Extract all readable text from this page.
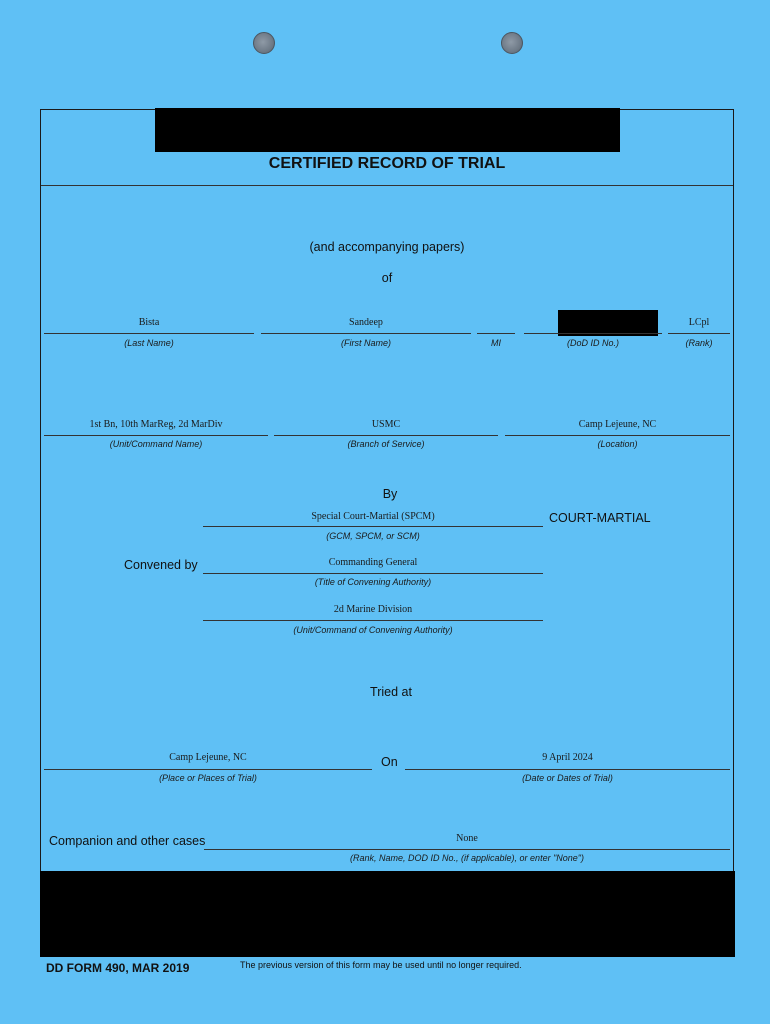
CERTIFIED RECORD OF TRIAL
(and accompanying papers)
of
Bista
(Last Name)
Sandeep
(First Name)	MI	(DoD ID No.)
LCpl
(Rank)
1st Bn, 10th MarReg, 2d MarDiv
(Unit/Command Name)
USMC
(Branch of Service)
Camp Lejeune, NC
(Location)
By
Special Court-Martial (SPCM)
(GCM, SPCM, or SCM)
COURT-MARTIAL
Convened by	Commanding General
(Title of Convening Authority)
2d Marine Division
(Unit/Command of Convening Authority)
Tried at
Camp Lejeune, NC
(Place or Places of Trial)
On	9 April 2024
(Date or Dates of Trial)
Companion and other cases	None
(Rank, Name, DOD ID No., (if applicable), or enter "None")
DD FORM 490, MAR 2019	The previous version of this form may be used until no longer required.
